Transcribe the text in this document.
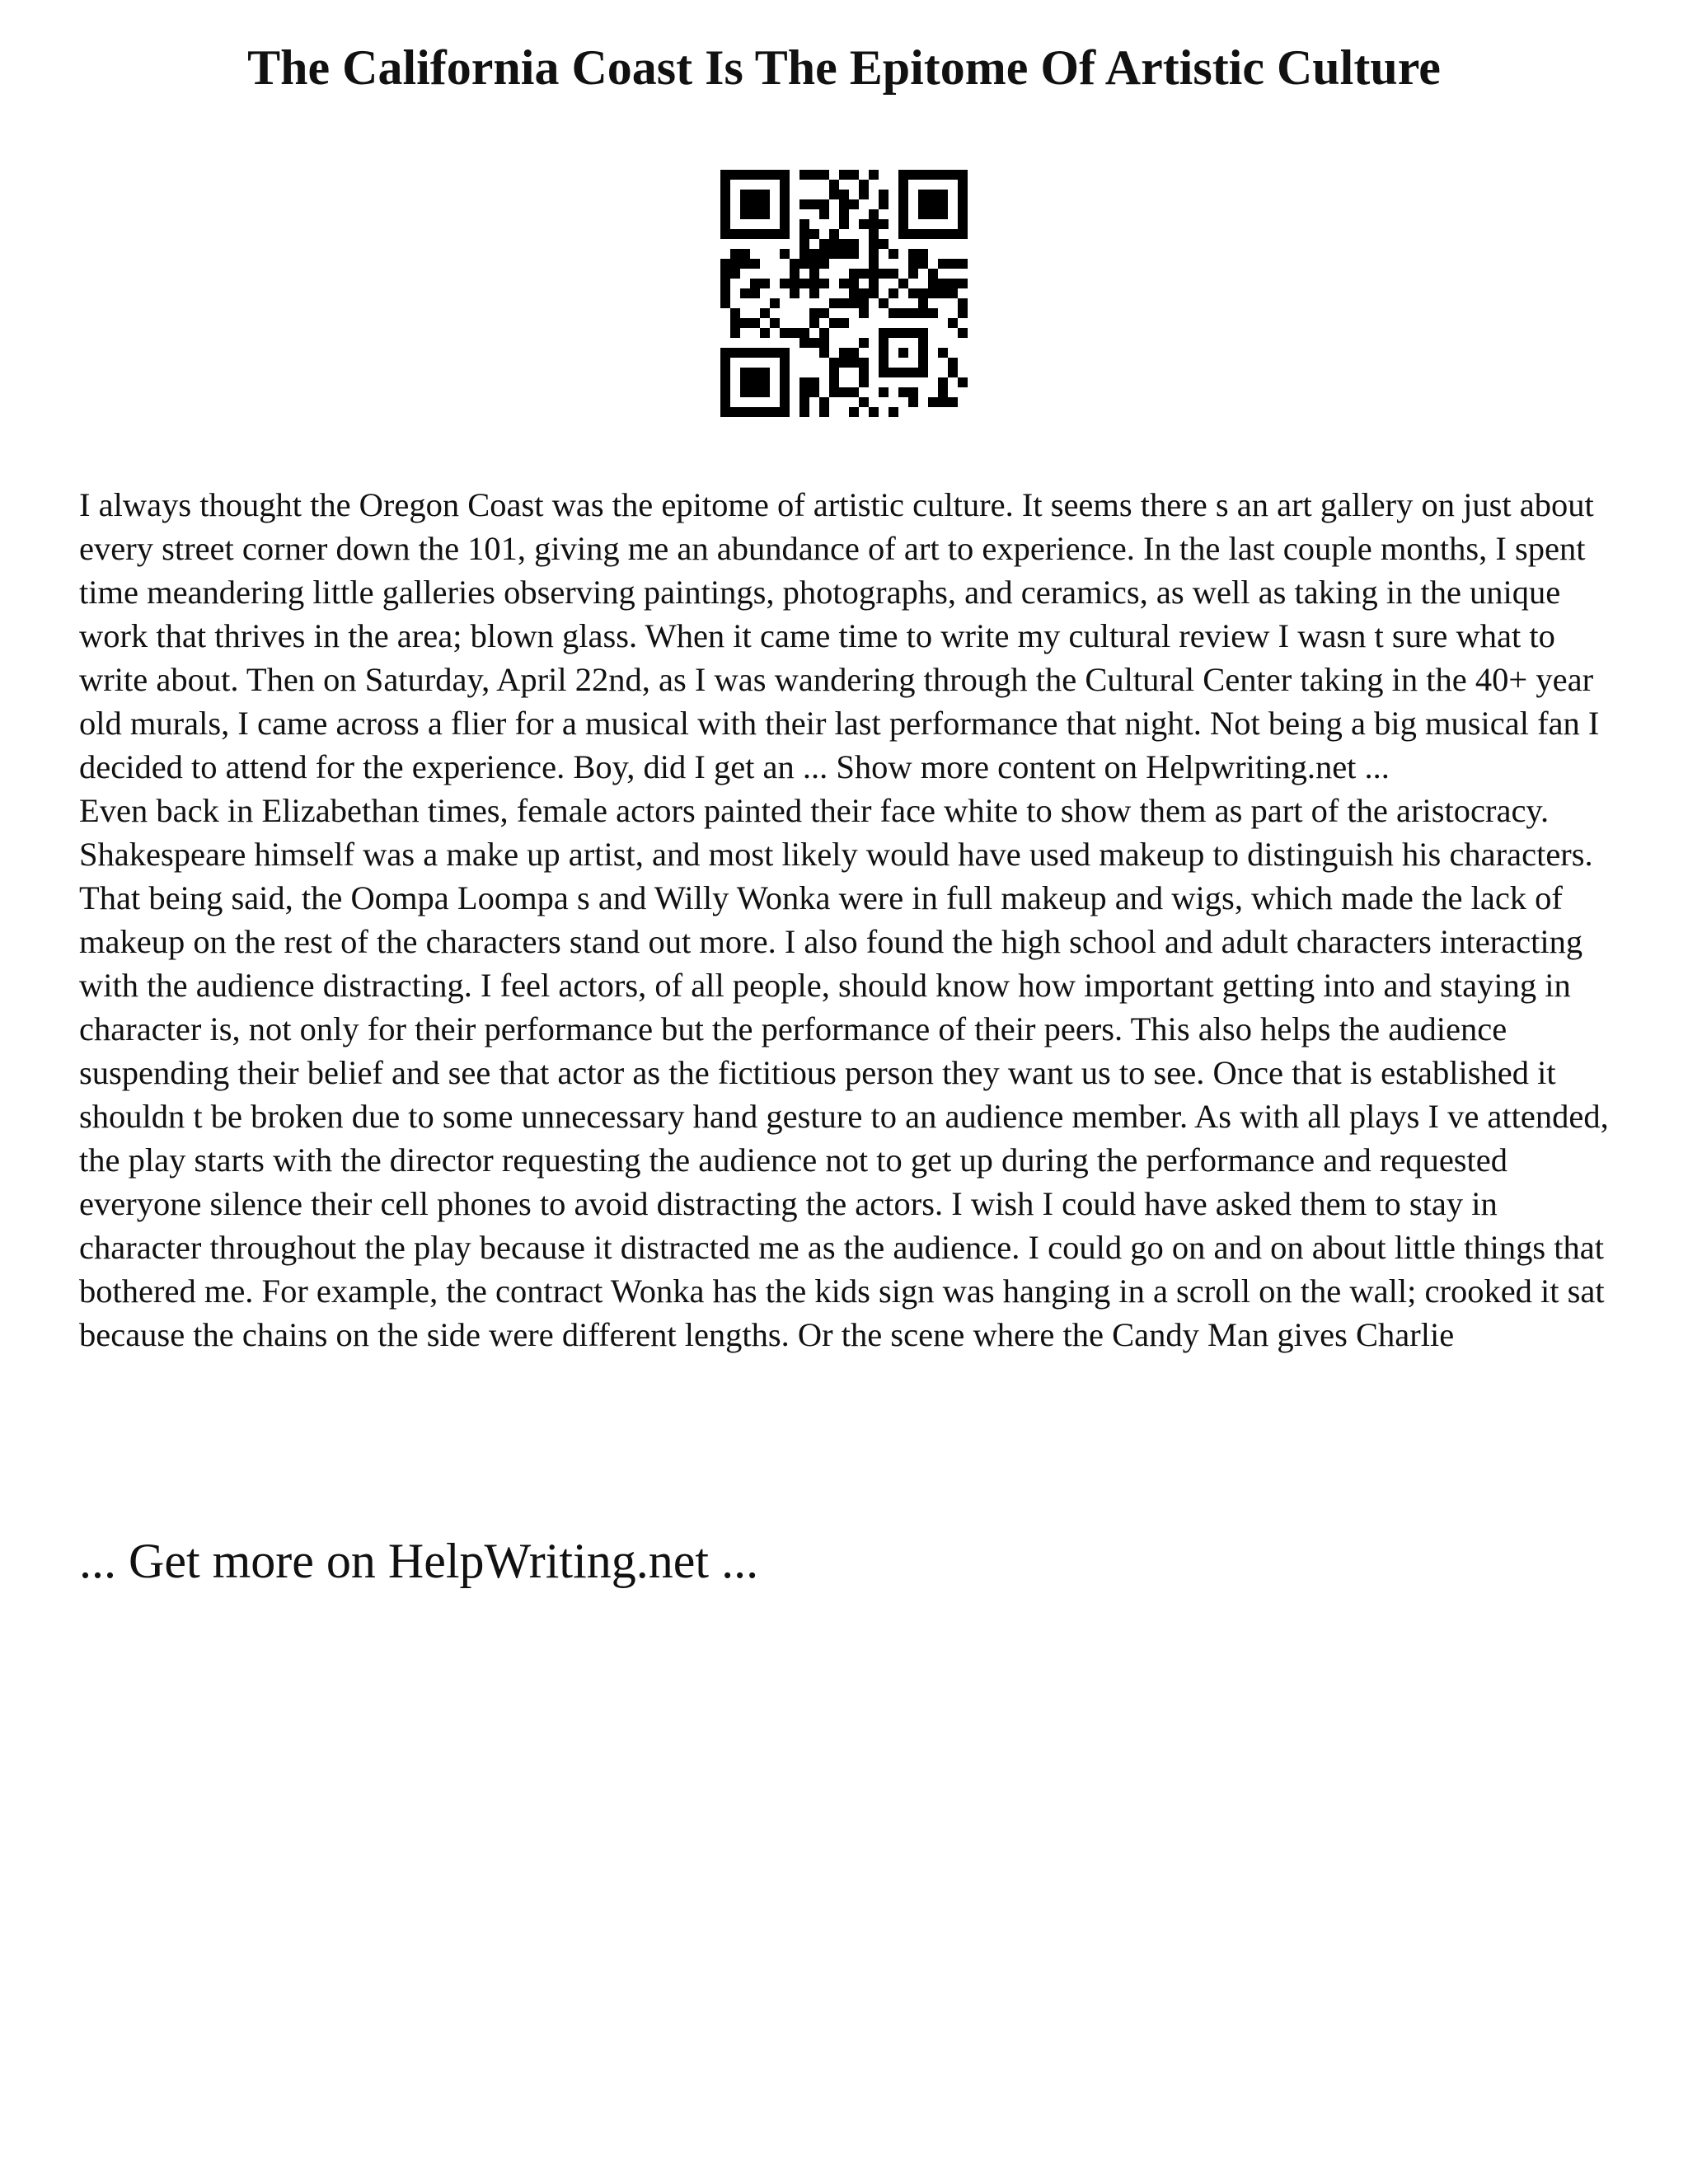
The California Coast Is The Epitome Of Artistic Culture

I always thought the Oregon Coast was the epitome of artistic culture. It seems there s an art gallery on just about every street corner down the 101, giving me an abundance of art to experience. In the last couple months, I spent time meandering little galleries observing paintings, photographs, and ceramics, as well as taking in the unique work that thrives in the area; blown glass. When it came time to write my cultural review I wasn t sure what to write about. Then on Saturday, April 22nd, as I was wandering through the Cultural Center taking in the 40+ year old murals, I came across a flier for a musical with their last performance that night. Not being a big musical fan I decided to attend for the experience. Boy, did I get an ... Show more content on Helpwriting.net ...

Even back in Elizabethan times, female actors painted their face white to show them as part of the aristocracy. Shakespeare himself was a make up artist, and most likely would have used makeup to distinguish his characters. That being said, the Oompa Loompa s and Willy Wonka were in full makeup and wigs, which made the lack of makeup on the rest of the characters stand out more. I also found the high school and adult characters interacting with the audience distracting. I feel actors, of all people, should know how important getting into and staying in character is, not only for their performance but the performance of their peers. This also helps the audience suspending their belief and see that actor as the fictitious person they want us to see. Once that is established it shouldn t be broken due to some unnecessary hand gesture to an audience member. As with all plays I ve attended, the play starts with the director requesting the audience not to get up during the performance and requested everyone silence their cell phones to avoid distracting the actors. I wish I could have asked them to stay in character throughout the play because it distracted me as the audience. I could go on and on about little things that bothered me. For example, the contract Wonka has the kids sign was hanging in a scroll on the wall; crooked it sat because the chains on the side were different lengths. Or the scene where the Candy Man gives Charlie

... Get more on HelpWriting.net ...
